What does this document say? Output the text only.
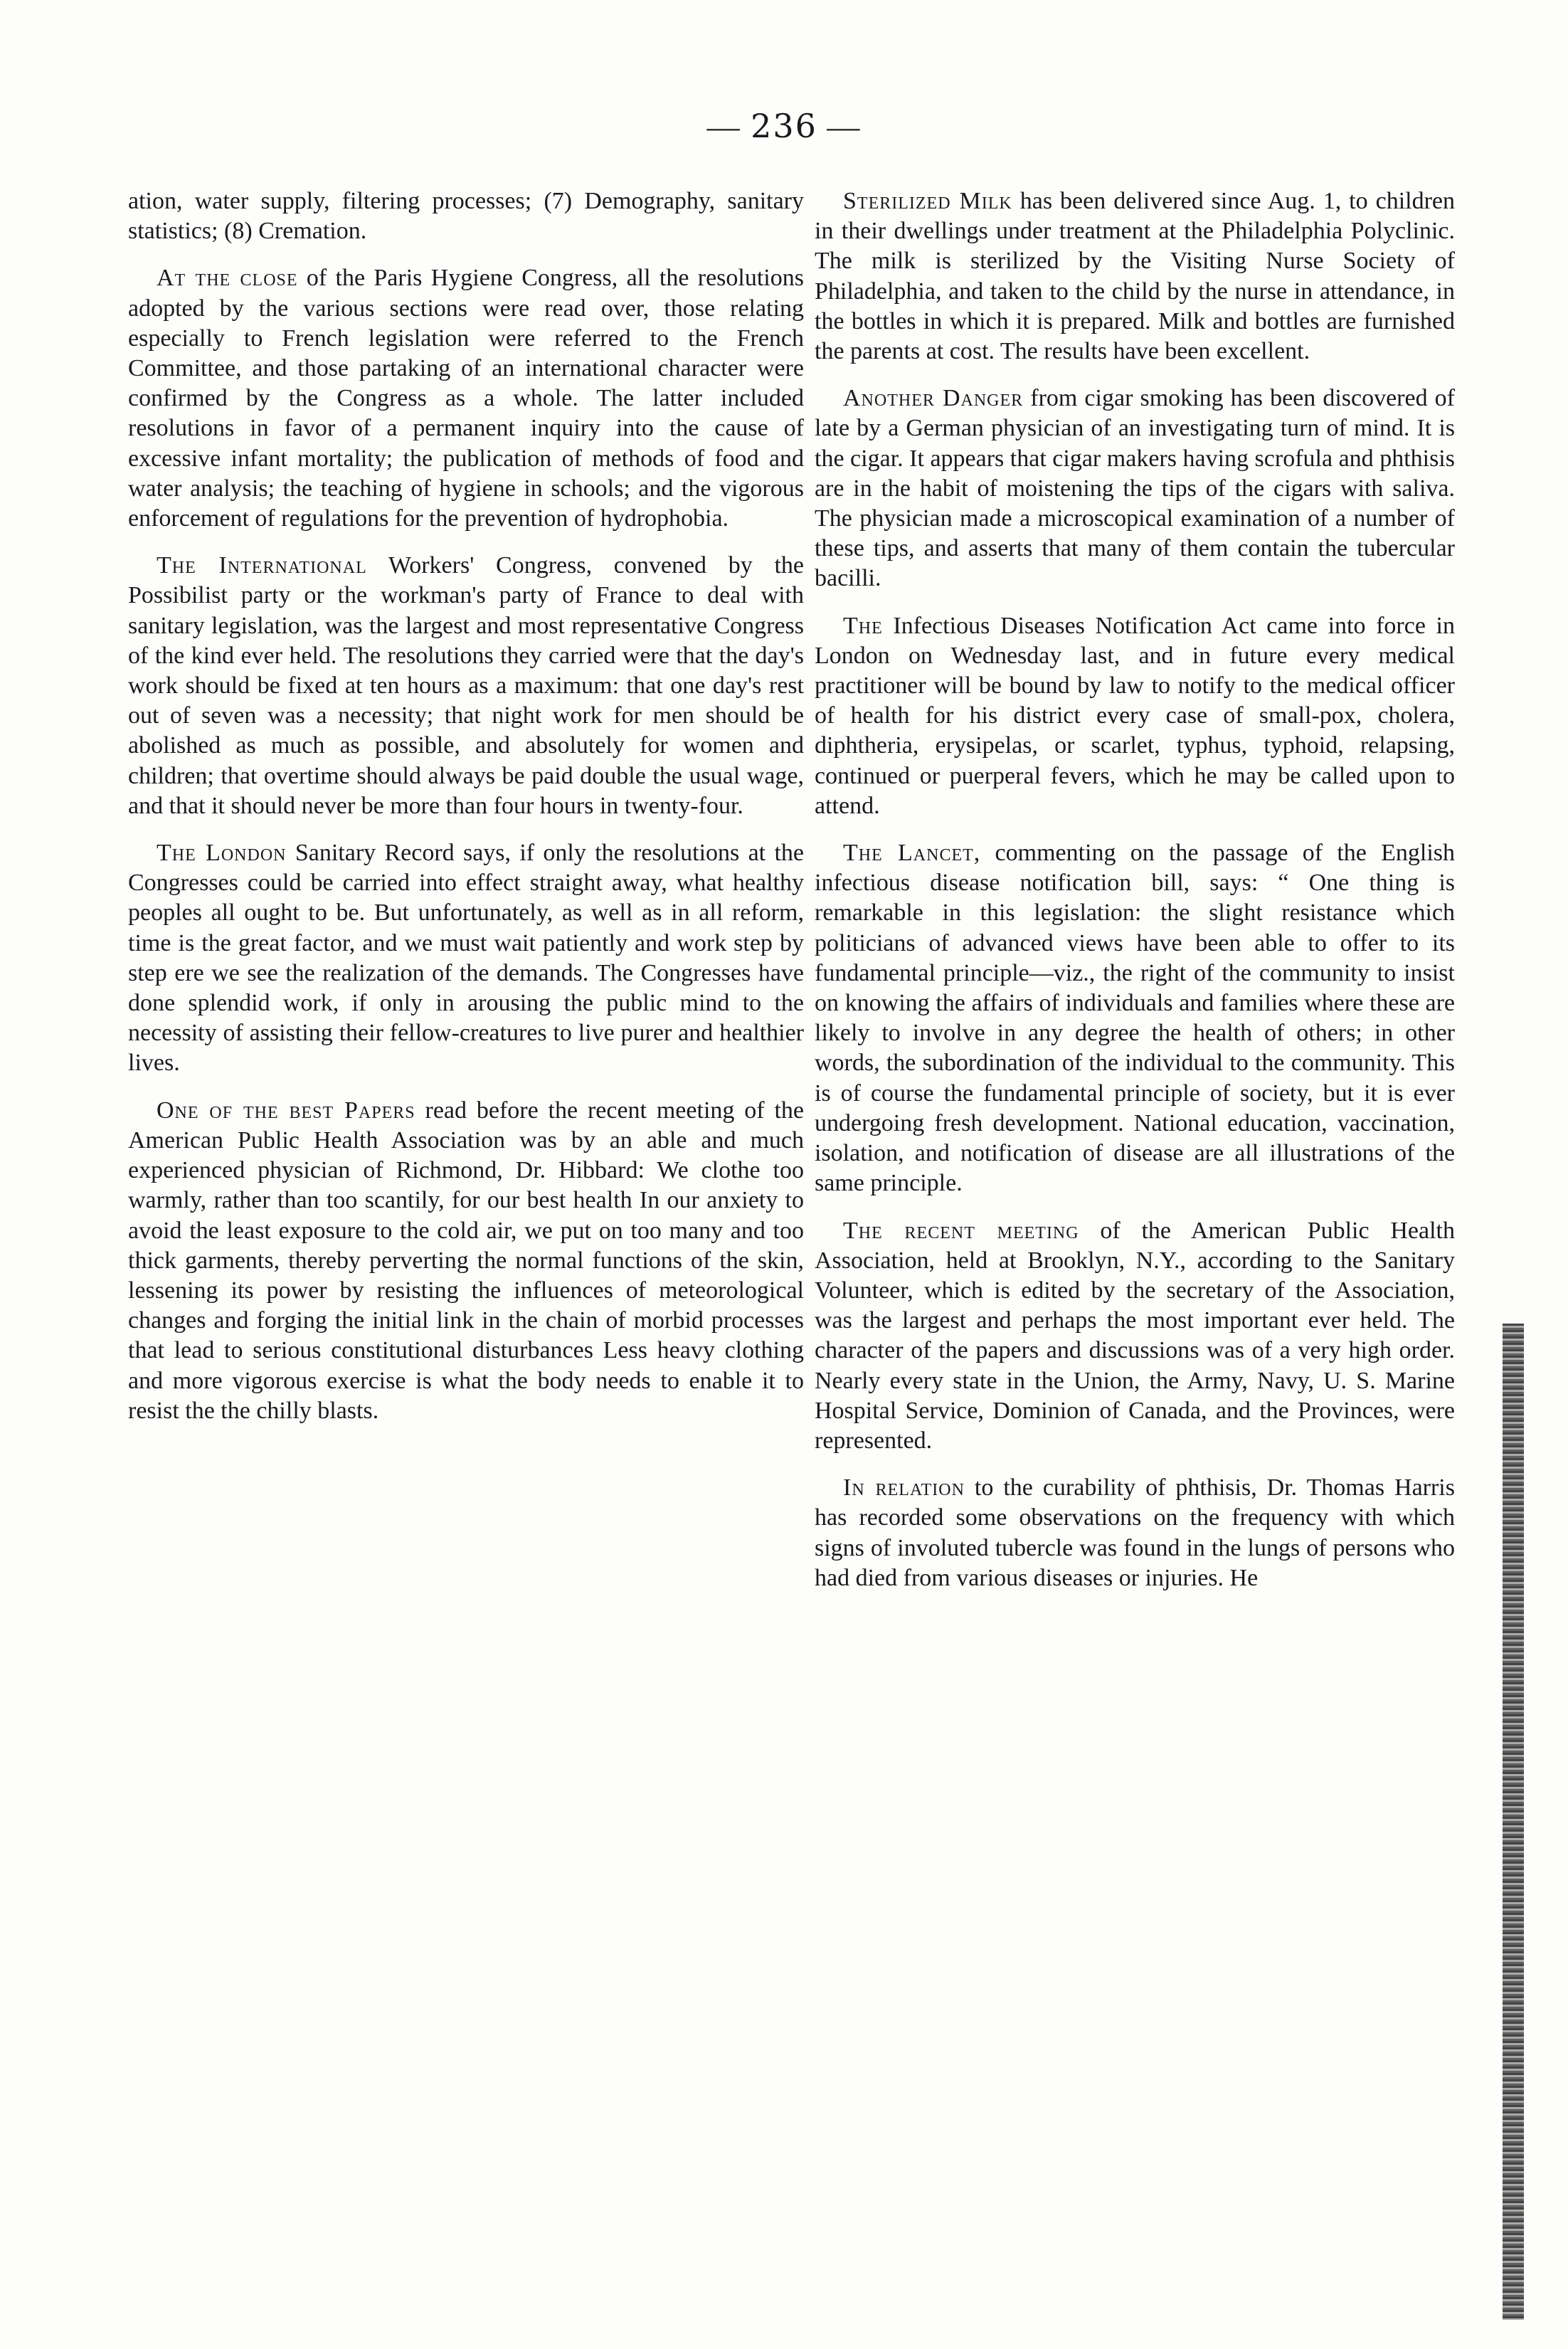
— 236 —

ation, water supply, filtering processes; (7) Demography, sanitary statistics; (8) Cremation.

At the close of the Paris Hygiene Congress, all the resolutions adopted by the various sections were read over, those relating especially to French legislation were referred to the French Committee, and those partaking of an international character were confirmed by the Congress as a whole. The latter included resolutions in favor of a permanent inquiry into the cause of excessive infant mortality; the publication of methods of food and water analysis; the teaching of hygiene in schools; and the vigorous enforcement of regulations for the prevention of hydrophobia.

The International Workers' Congress, convened by the Possibilist party or the workman's party of France to deal with sanitary legislation, was the largest and most representative Congress of the kind ever held. The resolutions they carried were that the day's work should be fixed at ten hours as a maximum: that one day's rest out of seven was a necessity; that night work for men should be abolished as much as possible, and absolutely for women and children; that overtime should always be paid double the usual wage, and that it should never be more than four hours in twenty-four.

The London Sanitary Record says, if only the resolutions at the Congresses could be carried into effect straight away, what healthy peoples all ought to be. But unfortunately, as well as in all reform, time is the great factor, and we must wait patiently and work step by step ere we see the realization of the demands. The Congresses have done splendid work, if only in arousing the public mind to the necessity of assisting their fellow-creatures to live purer and healthier lives.

One of the best Papers read before the recent meeting of the American Public Health Association was by an able and much experienced physician of Richmond, Dr. Hibbard: We clothe too warmly, rather than too scantily, for our best health In our anxiety to avoid the least exposure to the cold air, we put on too many and too thick garments, thereby perverting the normal functions of the skin, lessening its power by resisting the influences of meteorological changes and forging the initial link in the chain of morbid processes that lead to serious constitutional disturbances Less heavy clothing and more vigorous exercise is what the body needs to enable it to resist the the chilly blasts.

Sterilized Milk has been delivered since Aug. 1, to children in their dwellings under treatment at the Philadelphia Polyclinic. The milk is sterilized by the Visiting Nurse Society of Philadelphia, and taken to the child by the nurse in attendance, in the bottles in which it is prepared. Milk and bottles are furnished the parents at cost. The results have been excellent.

Another Danger from cigar smoking has been discovered of late by a German physician of an investigating turn of mind. It is the cigar. It appears that cigar makers having scrofula and phthisis are in the habit of moistening the tips of the cigars with saliva. The physician made a microscopical examination of a number of these tips, and asserts that many of them contain the tubercular bacilli.

The Infectious Diseases Notification Act came into force in London on Wednesday last, and in future every medical practitioner will be bound by law to notify to the medical officer of health for his district every case of small-pox, cholera, diphtheria, erysipelas, or scarlet, typhus, typhoid, relapsing, continued or puerperal fevers, which he may be called upon to attend.

The Lancet, commenting on the passage of the English infectious disease notification bill, says: “ One thing is remarkable in this legislation: the slight resistance which politicians of advanced views have been able to offer to its fundamental principle—viz., the right of the community to insist on knowing the affairs of individuals and families where these are likely to involve in any degree the health of others; in other words, the subordination of the individual to the community. This is of course the fundamental principle of society, but it is ever undergoing fresh development. National education, vaccination, isolation, and notification of disease are all illustrations of the same principle.

The recent meeting of the American Public Health Association, held at Brooklyn, N.Y., according to the Sanitary Volunteer, which is edited by the secretary of the Association, was the largest and perhaps the most important ever held. The character of the papers and discussions was of a very high order. Nearly every state in the Union, the Army, Navy, U. S. Marine Hospital Service, Dominion of Canada, and the Provinces, were represented.

In relation to the curability of phthisis, Dr. Thomas Harris has recorded some observations on the frequency with which signs of involuted tubercle was found in the lungs of persons who had died from various diseases or injuries. He
